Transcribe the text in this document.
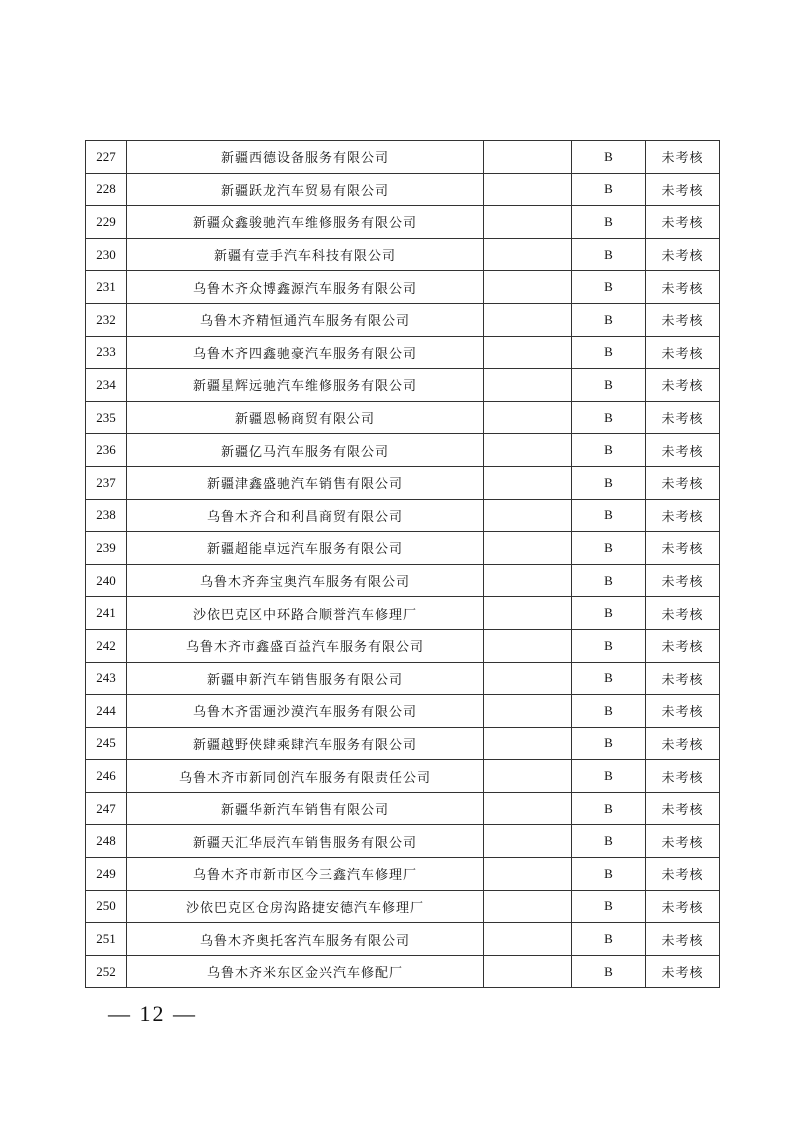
227	新疆西德设备服务有限公司		B	未考核
228	新疆跃龙汽车贸易有限公司		B	未考核
229	新疆众鑫骏驰汽车维修服务有限公司		B	未考核
230	新疆有壹手汽车科技有限公司		B	未考核
231	乌鲁木齐众博鑫源汽车服务有限公司		B	未考核
232	乌鲁木齐精恒通汽车服务有限公司		B	未考核
233	乌鲁木齐四鑫驰豪汽车服务有限公司		B	未考核
234	新疆星辉远驰汽车维修服务有限公司		B	未考核
235	新疆恩畅商贸有限公司		B	未考核
236	新疆亿马汽车服务有限公司		B	未考核
237	新疆津鑫盛驰汽车销售有限公司		B	未考核
238	乌鲁木齐合和利昌商贸有限公司		B	未考核
239	新疆超能卓远汽车服务有限公司		B	未考核
240	乌鲁木齐奔宝奥汽车服务有限公司		B	未考核
241	沙依巴克区中环路合顺誉汽车修理厂		B	未考核
242	乌鲁木齐市鑫盛百益汽车服务有限公司		B	未考核
243	新疆申新汽车销售服务有限公司		B	未考核
244	乌鲁木齐雷逦沙漠汽车服务有限公司		B	未考核
245	新疆越野侠肆乘肆汽车服务有限公司		B	未考核
246	乌鲁木齐市新同创汽车服务有限责任公司		B	未考核
247	新疆华新汽车销售有限公司		B	未考核
248	新疆天汇华辰汽车销售服务有限公司		B	未考核
249	乌鲁木齐市新市区今三鑫汽车修理厂		B	未考核
250	沙依巴克区仓房沟路捷安德汽车修理厂		B	未考核
251	乌鲁木齐奥托客汽车服务有限公司		B	未考核
252	乌鲁木齐米东区金兴汽车修配厂		B	未考核
— 12 —
